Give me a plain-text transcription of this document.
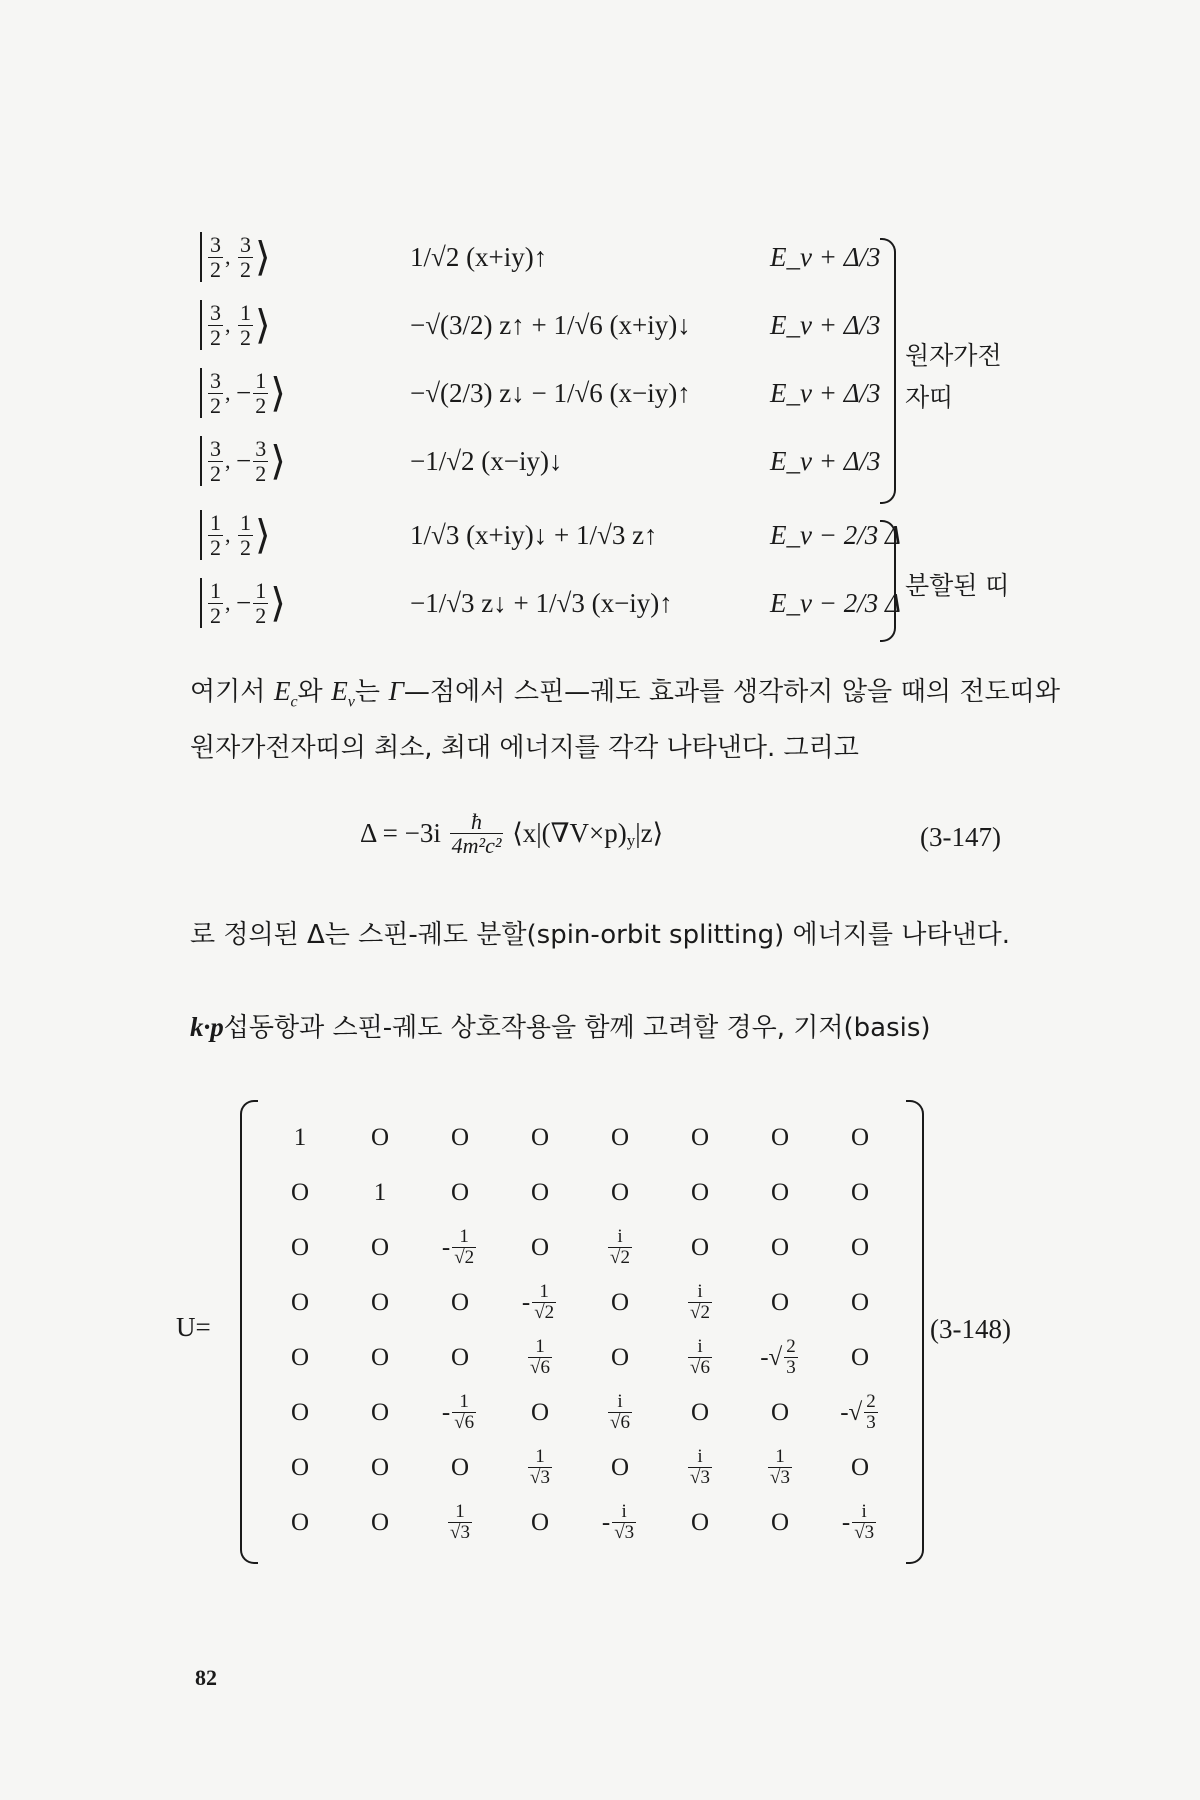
$\frac{3}{2}$ , $\frac{3}{2}$ ⟩	1/√2 (x+iy)↑	E_v + Δ/3
$\frac{3}{2}$ , $\frac{1}{2}$ ⟩	−√(3/2) z↑ + 1/√6 (x+iy)↓	E_v + Δ/3
$\frac{3}{2}$ , − $\frac{1}{2}$ ⟩	−√(2/3) z↓ − 1/√6 (x−iy)↑	E_v + Δ/3
$\frac{3}{2}$ , − $\frac{3}{2}$ ⟩	−1/√2 (x−iy)↓	E_v + Δ/3
$\frac{1}{2}$ , $\frac{1}{2}$ ⟩	1/√3 (x+iy)↓ + 1/√3 z↑	E_v − 2/3 Δ
$\frac{1}{2}$ , − $\frac{1}{2}$ ⟩	−1/√3 z↓ + 1/√3 (x−iy)↑	E_v − 2/3 Δ
원자가전
자띠
분할된 띠
여기서 $E_c$와 $E_v$는 Γ—점에서 스핀—궤도 효과를 생각하지 않을 때의 전도띠와 원자가전자띠의 최소, 최대 에너지를 각각 나타낸다. 그리고
$\Delta = -3i \frac{ħ}{\text{4m²c²}}$ $⟨x|(\nabla V\times p)_y|z⟩$	(3-147)
로 정의된 Δ는 스핀-궤도 분할(spin-orbit splitting) 에너지를 나타낸다.
k·p섭동항과 스핀-궤도 상호작용을 함께 고려할 경우, 기저(basis)
U=
1	O	O	O	O	O	O	O
O	1	O	O	O	O	O	O
O	O	- $\frac{1}{√2}$	O	$\frac{i}{√2}$	O	O	O
O	O	O	- $\frac{1}{√2}$	O	$\frac{i}{√2}$	O	O
O	O	O	$\frac{1}{√6}$	O	$\frac{i}{√6}$	-√ $\frac{2}{3}$	O
O	O	- $\frac{1}{√6}$	O	$\frac{i}{√6}$	O	O	-√ $\frac{2}{3}$
O	O	O	$\frac{1}{√3}$	O	$\frac{i}{√3}$	$\frac{1}{√3}$	O
O	O	$\frac{1}{√3}$	O	- $\frac{i}{√3}$	O	O	- $\frac{i}{√3}$
(3-148)
82
